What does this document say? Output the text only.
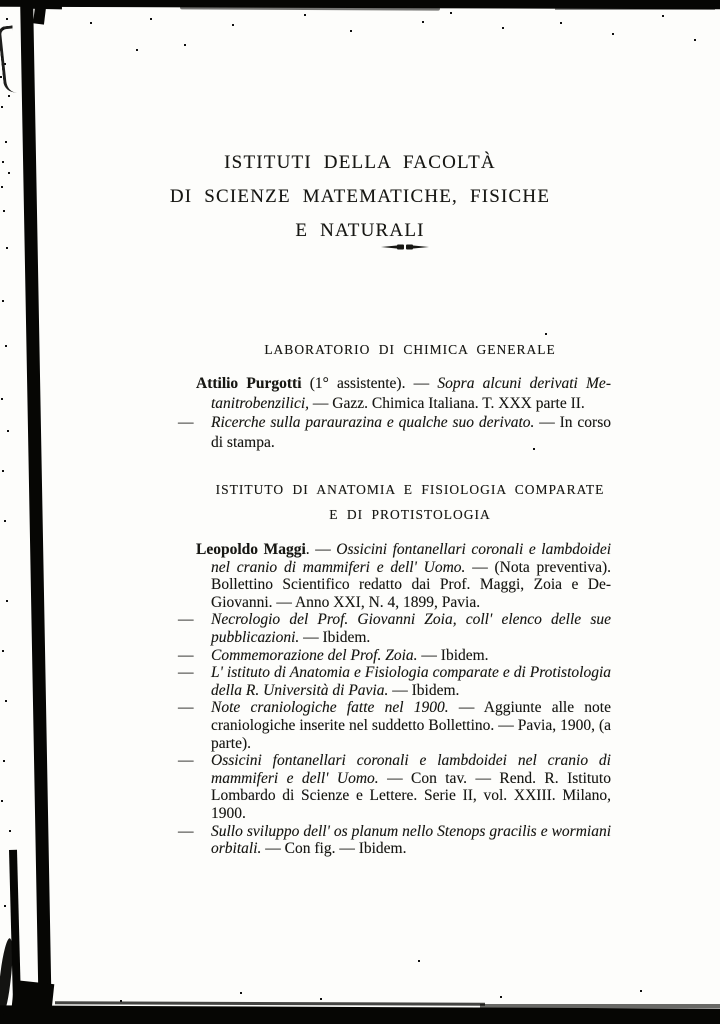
ISTITUTI DELLA FACOLTÀ
DI SCIENZE MATEMATICHE, FISICHE
E NATURALI
LABORATORIO DI CHIMICA GENERALE

Attilio Purgotti (1° assistente). — Sopra alcuni derivati Metanitrobenzilici, — Gazz. Chimica Italiana. T. XXX parte II.

— Ricerche sulla paraurazina e qualche suo derivato. — In corso di stampa.

ISTITUTO DI ANATOMIA E FISIOLOGIA COMPARATE
E DI PROTISTOLOGIA

Leopoldo Maggi. — Ossicini fontanellari coronali e lambdoidei nel cranio di mammiferi e dell' Uomo. — (Nota preventiva). Bollettino Scientifico redatto dai Prof. Maggi, Zoia e De-Giovanni. — Anno XXI, N. 4, 1899, Pavia.

— Necrologio del Prof. Giovanni Zoia, coll' elenco delle sue pubblicazioni. — Ibidem.

— Commemorazione del Prof. Zoia. — Ibidem.

— L' istituto di Anatomia e Fisiologia comparate e di Protistologia della R. Università di Pavia. — Ibidem.

— Note craniologiche fatte nel 1900. — Aggiunte alle note craniologiche inserite nel suddetto Bollettino. — Pavia, 1900, (a parte).

— Ossicini fontanellari coronali e lambdoidei nel cranio di mammiferi e dell' Uomo. — Con tav. — Rend. R. Istituto Lombardo di Scienze e Lettere. Serie II, vol. XXIII. Milano, 1900.

— Sullo sviluppo dell' os planum nello Stenops gracilis e wormiani orbitali. — Con fig. — Ibidem.
